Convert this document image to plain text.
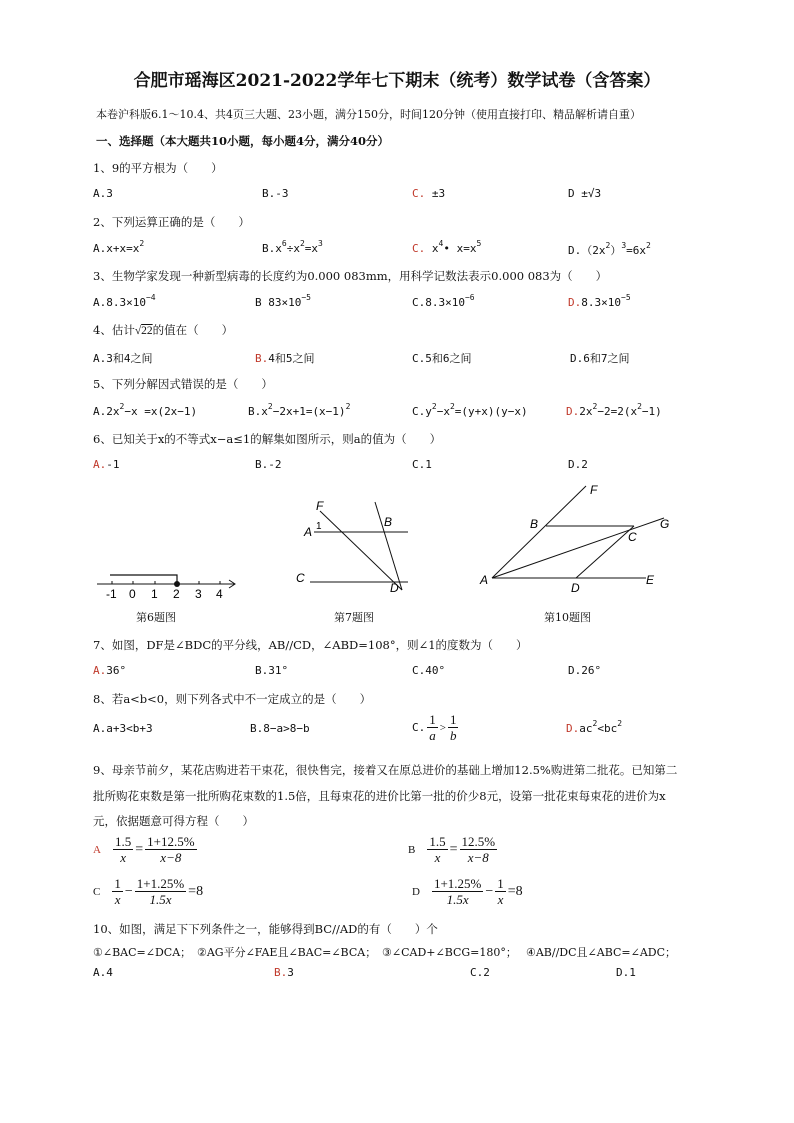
合肥市瑶海区2021-2022学年七下期末（统考）数学试卷（含答案）
本卷沪科版6.1～10.4、共4页三大题、23小题，满分150分，时间120分钟（使用直接打印、精品解析请自重）
一、选择题（本大题共10小题，每小题4分，满分40分）
1、9的平方根为（　　）
A.3	B.-3	C. ±3	D ±√3
2、下列运算正确的是（　　）
$A.x+x=x^2$	$B.x^6\div x^2=x^3$	C. $x^4•$ $x=x^5$
$D.(2x^2)^3=6x^2$
3、生物学家发现一种新型病毒的长度约为0.000 083mm，用科学记数法表示0.000 083为（　　）
$A.8.3\times 10^{-4}$	B $83\times 10^{-5}$	$C.8.3\times 10^{-6}$	$D.8.3\times 10^{-5}$
4、估计√22的值在（　　）
A.3和4之间	B.4和5之间	C.5和6之间	D.6和7之间
5、下列分解因式错误的是（　　）
$A.2x^2-x =x(2x-1)$	$B.x^2-2x+1=(x-1)^2$	$C.y^2-x^2=(y+x)(y-x)$	$D.2x^2-2=2(x^2-1)$
6、已知关于x的不等式x−a≤1的解集如图所示，则a的值为（　　）
A.-1	B.-2	C.1	D.2
-1 0 1 2 3 4
第6题图
F
1
A
B
C
D
第7题图
F
B	G
C
A
D
E
第10题图
7、如图，DF是∠BDC的平分线，AB//CD，∠ABD=108°，则∠1的度数为（　　）
A.36°	B.31°	C.40°	D.26°
8、若a<b<0，则下列各式中不一定成立的是（　　）
A.a+3<b+3	B.8−a>8−b	C. $\frac{1}{a} > \frac{1}{b}$	$D.ac^2<bc^2$
9、母亲节前夕，某花店购进若干束花，很快售完，接着又在原总进价的基础上增加12.5%购进第二批花。已知第二
批所购花束数是第一批所购花束数的1.5倍，且每束花的进价比第一批的价少8元，设第一批花束每束花的进价为x
元，依据题意可得方程（　　）
A $\frac{1.5}{x} = \frac{1+12.5\%}{x-8}$	B $\frac{1.5}{x} = \frac{12.5\%}{x-8}$
C $\frac{1}{x} - \frac{1+1.25\%}{1.5x} =8$	D $\frac{1+1.25\%}{1.5x} - \frac{1}{x} =8$
10、如图，满足下下列条件之一，能够得到BC//AD的有（　　）个
①∠BAC=∠DCA； ②AG平分∠FAE且∠BAC=∠BCA； ③∠CAD+∠BCG=180°； ④AB//DC且∠ABC=∠ADC；
A.4	B.3	C.2	D.1
